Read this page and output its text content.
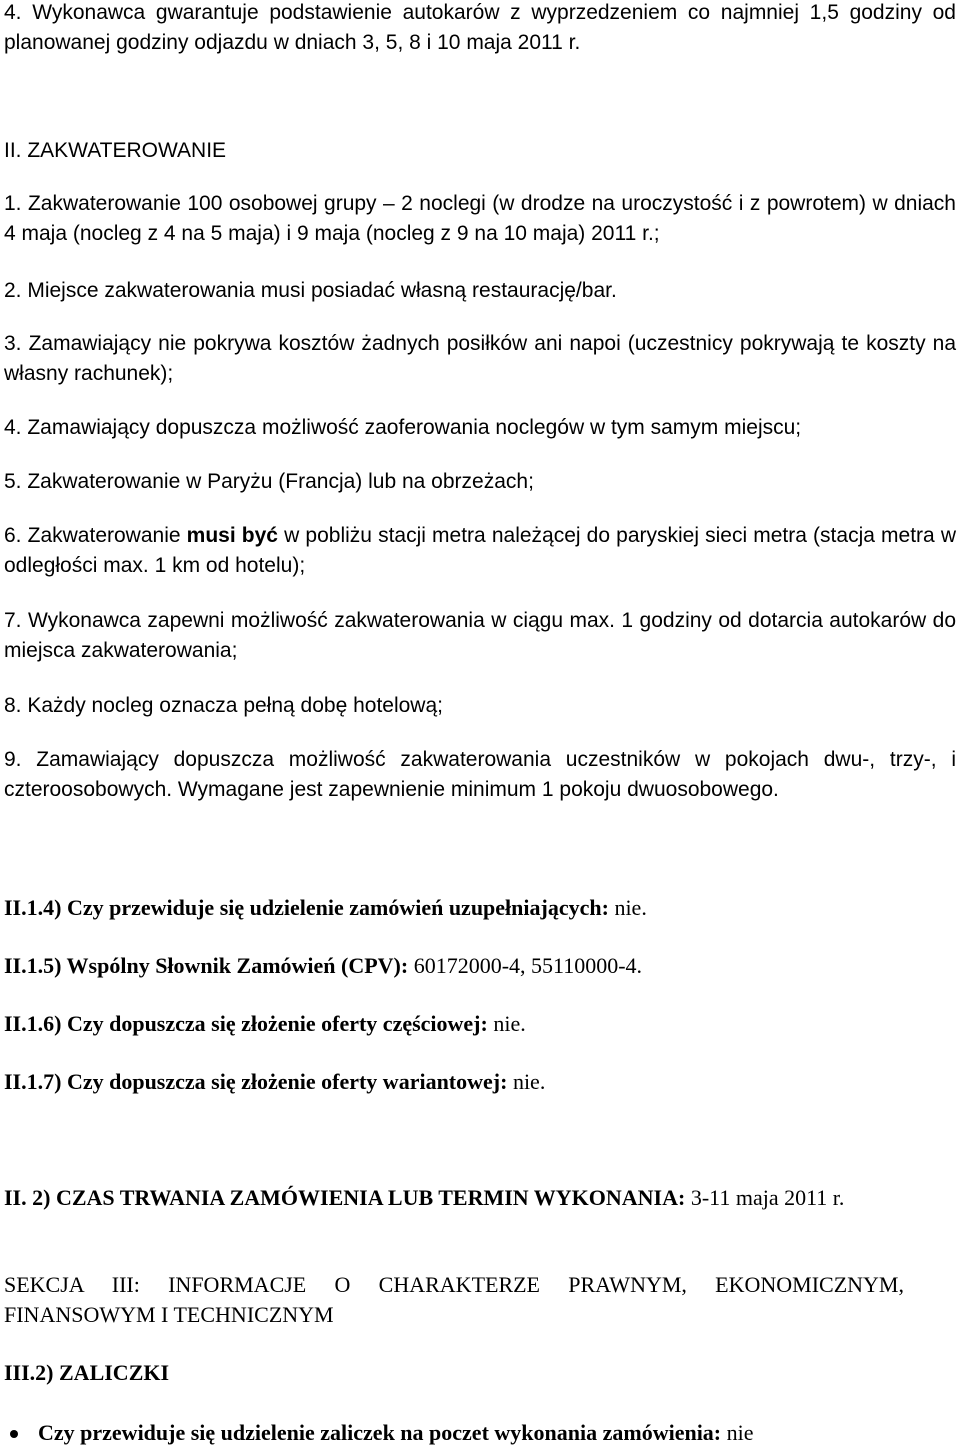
4. Wykonawca gwarantuje podstawienie autokarów z wyprzedzeniem co najmniej 1,5 godziny od planowanej godziny odjazdu w dniach 3, 5, 8 i 10 maja 2011 r.

II. ZAKWATEROWANIE

1. Zakwaterowanie 100 osobowej grupy – 2 noclegi (w drodze na uroczystość i z powrotem) w dniach 4 maja (nocleg z 4 na 5 maja) i 9 maja (nocleg z 9 na 10 maja) 2011 r.;

2. Miejsce zakwaterowania musi posiadać własną restaurację/bar.

3. Zamawiający nie pokrywa kosztów żadnych posiłków ani napoi (uczestnicy pokrywają te koszty na własny rachunek);

4. Zamawiający dopuszcza możliwość zaoferowania noclegów w tym samym miejscu;

5. Zakwaterowanie w Paryżu (Francja) lub na obrzeżach;

6. Zakwaterowanie musi być w pobliżu stacji metra należącej do paryskiej sieci metra (stacja metra w odległości max. 1 km od hotelu);

7. Wykonawca zapewni możliwość zakwaterowania w ciągu max. 1 godziny od dotarcia autokarów do miejsca zakwaterowania;

8. Każdy nocleg oznacza pełną dobę hotelową;

9. Zamawiający dopuszcza możliwość zakwaterowania uczestników w pokojach dwu-, trzy-, i czteroosobowych. Wymagane jest zapewnienie minimum 1 pokoju dwuosobowego.

II.1.4) Czy przewiduje się udzielenie zamówień uzupełniających: nie.

II.1.5) Wspólny Słownik Zamówień (CPV): 60172000-4, 55110000-4.

II.1.6) Czy dopuszcza się złożenie oferty częściowej: nie.

II.1.7) Czy dopuszcza się złożenie oferty wariantowej: nie.

II. 2) CZAS TRWANIA ZAMÓWIENIA LUB TERMIN WYKONANIA: 3-11 maja 2011 r.

SEKCJA III: INFORMACJE O CHARAKTERZE PRAWNYM, EKONOMICZNYM, FINANSOWYM I TECHNICZNYM

III.2) ZALICZKI

Czy przewiduje się udzielenie zaliczek na poczet wykonania zamówienia: nie
